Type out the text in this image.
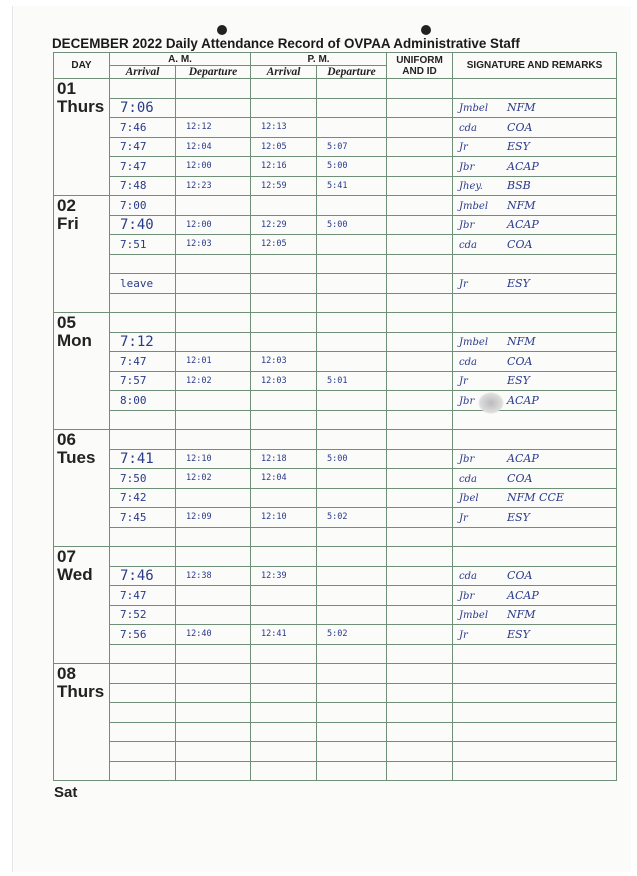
DECEMBER 2022 Daily Attendance Record of OVPAA Administrative Staff
DAY	A. M.		P. M.		UNIFORM AND ID	SIGNATURE AND REMARKS
	Arrival	Departure	Arrival	Departure		

01
Thurs						

	7:06					Jmbel NFM
	7:46	12:12	12:13			cda COA
	7:47	12:04	12:05	5:07		Jr ESY
	7:47	12:00	12:16	5:00		Jbr ACAP
	7:48	12:23	12:59	5:41		Jhey. BSB

02
Fri	7:00					Jmbel NFM
	7:40	12:00	12:29	5:00		Jbr ACAP
	7:51	12:03	12:05			cda COA

	leave					Jr ESY

05
Mon						

	7:12					Jmbel NFM
	7:47	12:01	12:03			cda COA
	7:57	12:02	12:03	5:01		Jr ESY
	8:00					Jbr ACAP

06
Tues						

	7:41	12:10	12:18	5:00		Jbr ACAP
	7:50	12:02	12:04			cda COA
	7:42					Jbel NFM CCE
	7:45	12:09	12:10	5:02		Jr ESY

07
Wed						

	7:46	12:38	12:39			cda COA
	7:47					Jbr ACAP
	7:52					Jmbel NFM
	7:56	12:40	12:41	5:02		Jr ESY

08
Thurs						

Sat
